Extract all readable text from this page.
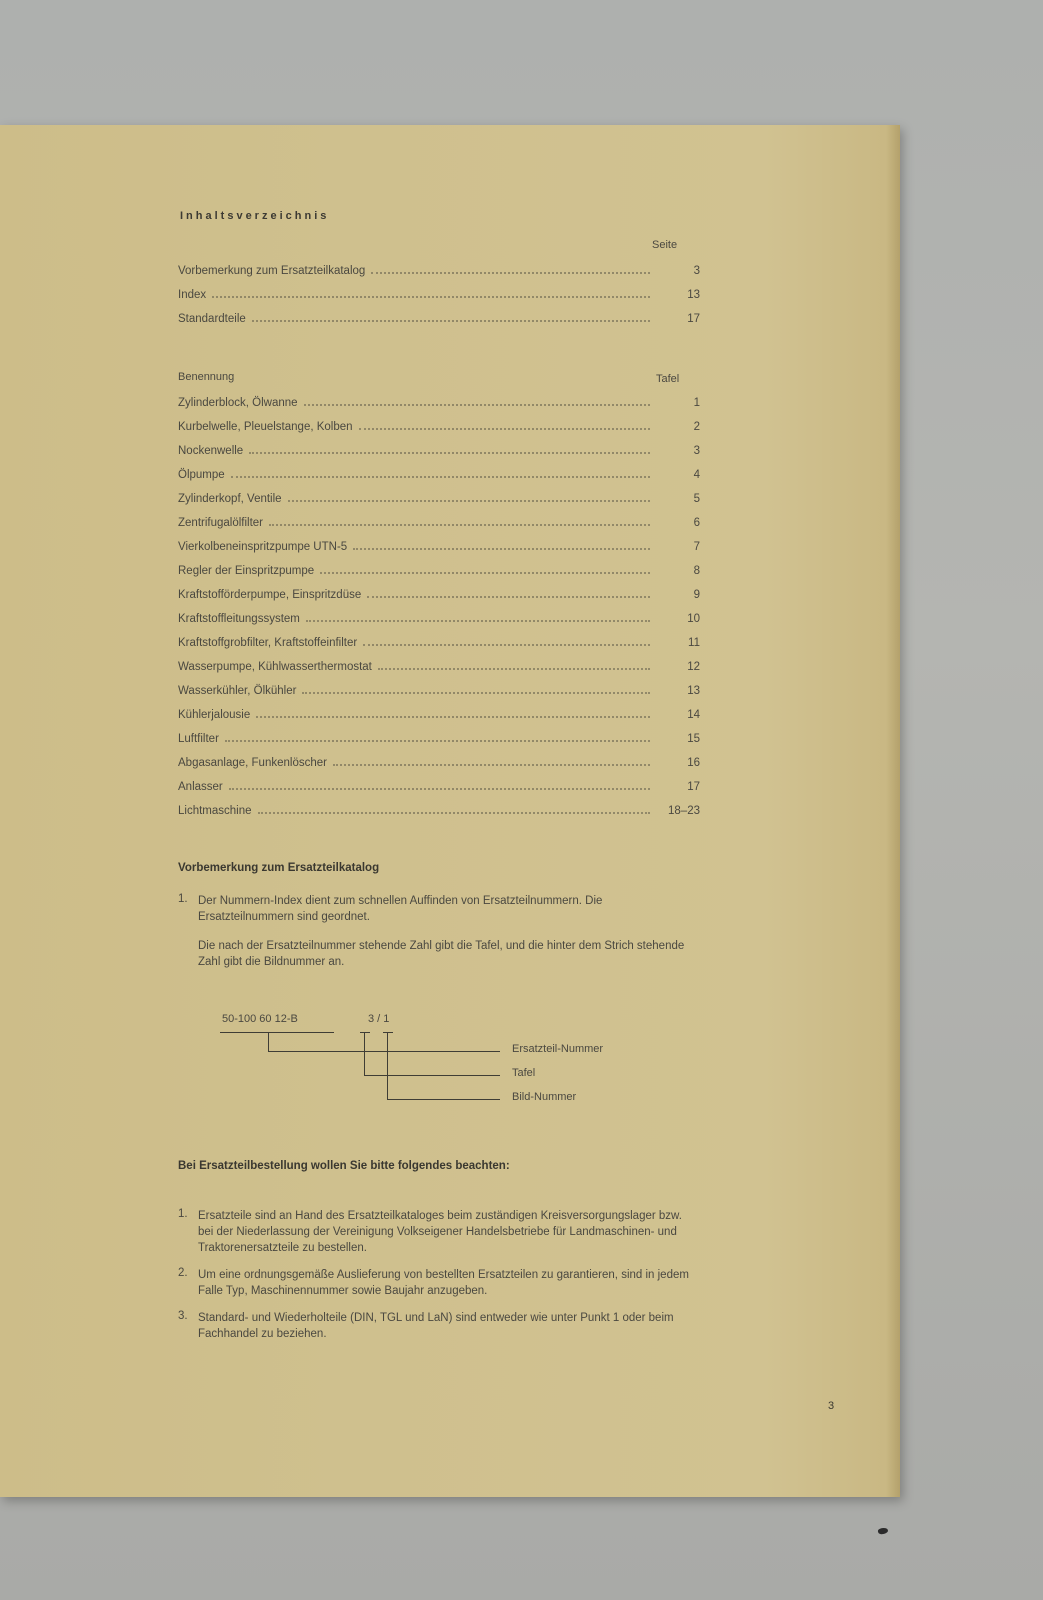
Inhaltsverzeichnis
Seite
Vorbemerkung zum Ersatzteilkatalog	3
Index	13
Standardteile	17
Benennung	Tafel
Zylinderblock, Ölwanne	1
Kurbelwelle, Pleuelstange, Kolben	2
Nockenwelle	3
Ölpumpe	4
Zylinderkopf, Ventile	5
Zentrifugalölfilter	6
Vierkolbeneinspritzpumpe UTN-5	7
Regler der Einspritzpumpe	8
Kraftstofförderpumpe, Einspritzdüse	9
Kraftstoffleitungssystem	10
Kraftstoffgrobfilter, Kraftstoffeinfilter	11
Wasserpumpe, Kühlwasserthermostat	12
Wasserkühler, Ölkühler	13
Kühlerjalousie	14
Luftfilter	15
Abgasanlage, Funkenlöscher	16
Anlasser	17
Lichtmaschine	18–23
Vorbemerkung zum Ersatzteilkatalog
1. Der Nummern-Index dient zum schnellen Auffinden von Ersatzteilnummern. Die Ersatzteilnummern sind geordnet.
Die nach der Ersatzteilnummer stehende Zahl gibt die Tafel, und die hinter dem Strich stehende Zahl gibt die Bildnummer an.
50-100 60 12-B	3 / 1
Ersatzteil-Nummer
Tafel
Bild-Nummer
Bei Ersatzteilbestellung wollen Sie bitte folgendes beachten:
1. Ersatzteile sind an Hand des Ersatzteilkataloges beim zuständigen Kreisversorgungslager bzw. bei der Niederlassung der Vereinigung Volkseigener Handelsbetriebe für Landmaschinen- und Traktorenersatzteile zu bestellen.
2. Um eine ordnungsgemäße Auslieferung von bestellten Ersatzteilen zu garantieren, sind in jedem Falle Typ, Maschinennummer sowie Baujahr anzugeben.
3. Standard- und Wiederholteile (DIN, TGL und LaN) sind entweder wie unter Punkt 1 oder beim Fachhandel zu beziehen.
3
